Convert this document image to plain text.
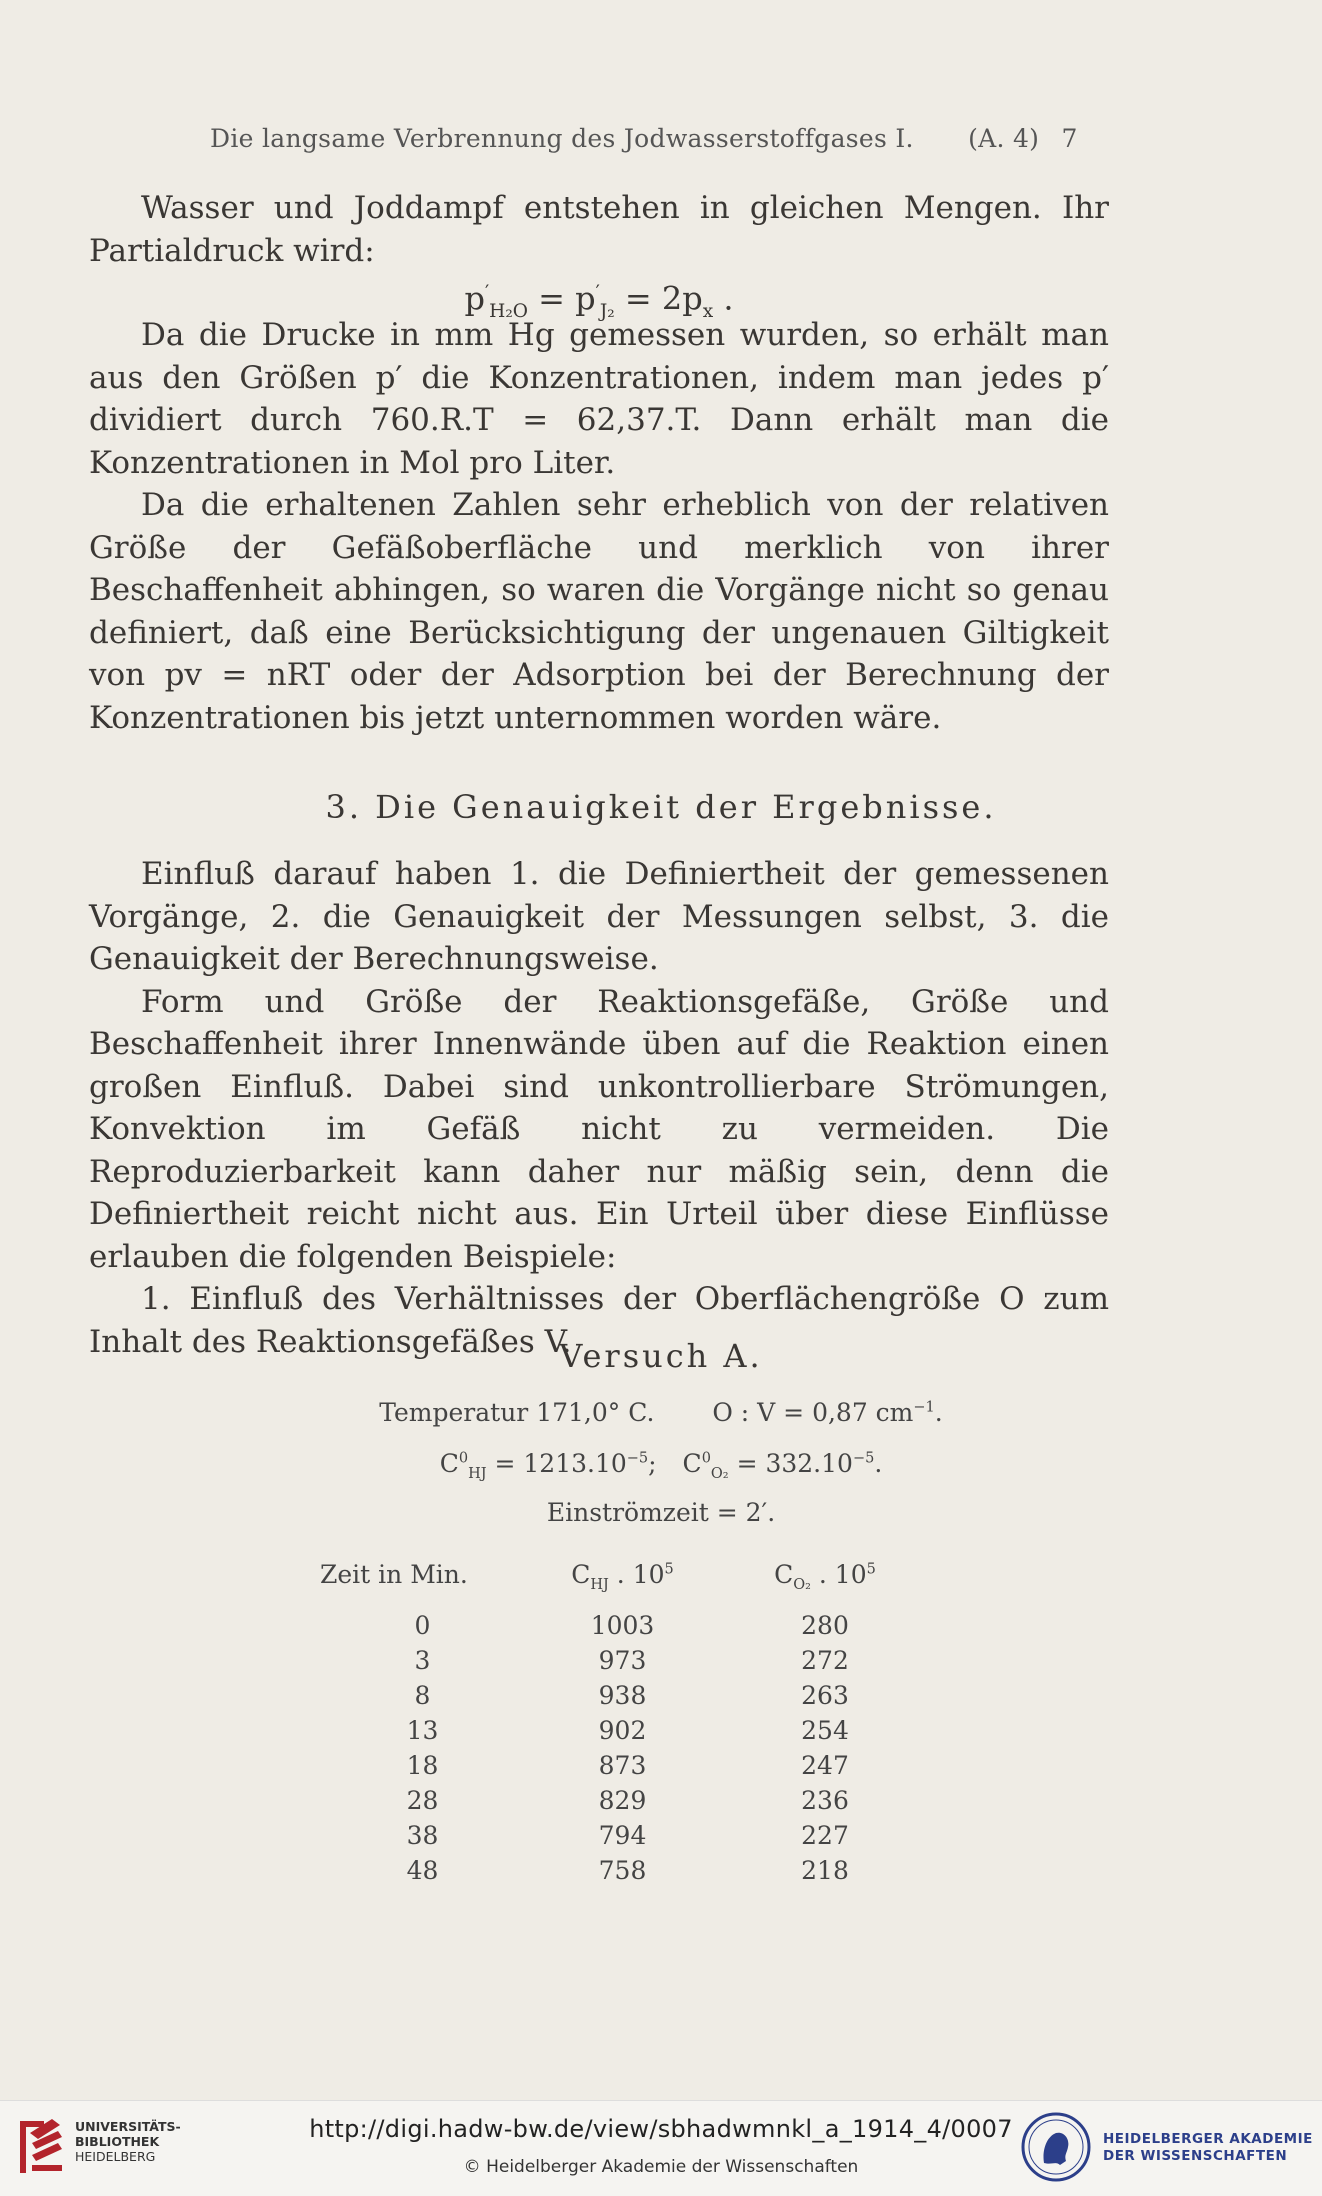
Die langsame Verbrennung des Jodwasserstoffgases I. (A. 4) 7

Wasser und Joddampf entstehen in gleichen Mengen. Ihr

Partialdruck wird:

$p'_{H_2O} = p'_{J_2} = 2p_x$ .

Da die Drucke in mm Hg gemessen wurden, so erhält man aus den Größen p′ die Konzentrationen, indem man jedes p′ dividiert durch 760.R.T = 62,37.T. Dann erhält man die Konzentrationen in Mol pro Liter.

Da die erhaltenen Zahlen sehr erheblich von der relativen Größe der Gefäßoberfläche und merklich von ihrer Beschaffenheit abhingen, so waren die Vorgänge nicht so genau definiert, daß eine Berücksichtigung der ungenauen Giltigkeit von pv = nRT oder der Adsorption bei der Berechnung der Konzentrationen bis jetzt unternommen worden wäre.

3. Die Genauigkeit der Ergebnisse.

Einfluß darauf haben 1. die Definiertheit der gemessenen Vorgänge, 2. die Genauigkeit der Messungen selbst, 3. die Genauigkeit der Berechnungsweise.

Form und Größe der Reaktionsgefäße, Größe und Beschaffenheit ihrer Innenwände üben auf die Reaktion einen großen Einfluß. Dabei sind unkontrollierbare Strömungen, Konvektion im Gefäß nicht zu vermeiden. Die Reproduzierbarkeit kann daher nur mäßig sein, denn die Definiertheit reicht nicht aus. Ein Urteil über diese Einflüsse erlauben die folgenden Beispiele:

1. Einfluß des Verhältnisses der Oberflächengröße O zum Inhalt des Reaktionsgefäßes V.

Versuch A.
Temperatur 171,0° C. O : V = 0,87 $cm^{-1}$.
$C^0_{HJ} = 1213.10^{-5}$; $C^0_{O_2} = 332.10^{-5}$.
Einströmzeit = 2′.
Zeit in Min.	$C_{HJ}$ . $10^5$	$C_{O_2}$ . $10^5$
0	1003	280
3	973	272
8	938	263
13	902	254
18	873	247
28	829	236
38	794	227
48	758	218
UNIVERSITÄTS-
BIBLIOTHEK
HEIDELBERG
http://digi.hadw-bw.de/view/sbhadwmnkl_a_1914_4/0007
© Heidelberger Akademie der Wissenschaften
HEIDELBERGER AKADEMIE
DER WISSENSCHAFTEN
